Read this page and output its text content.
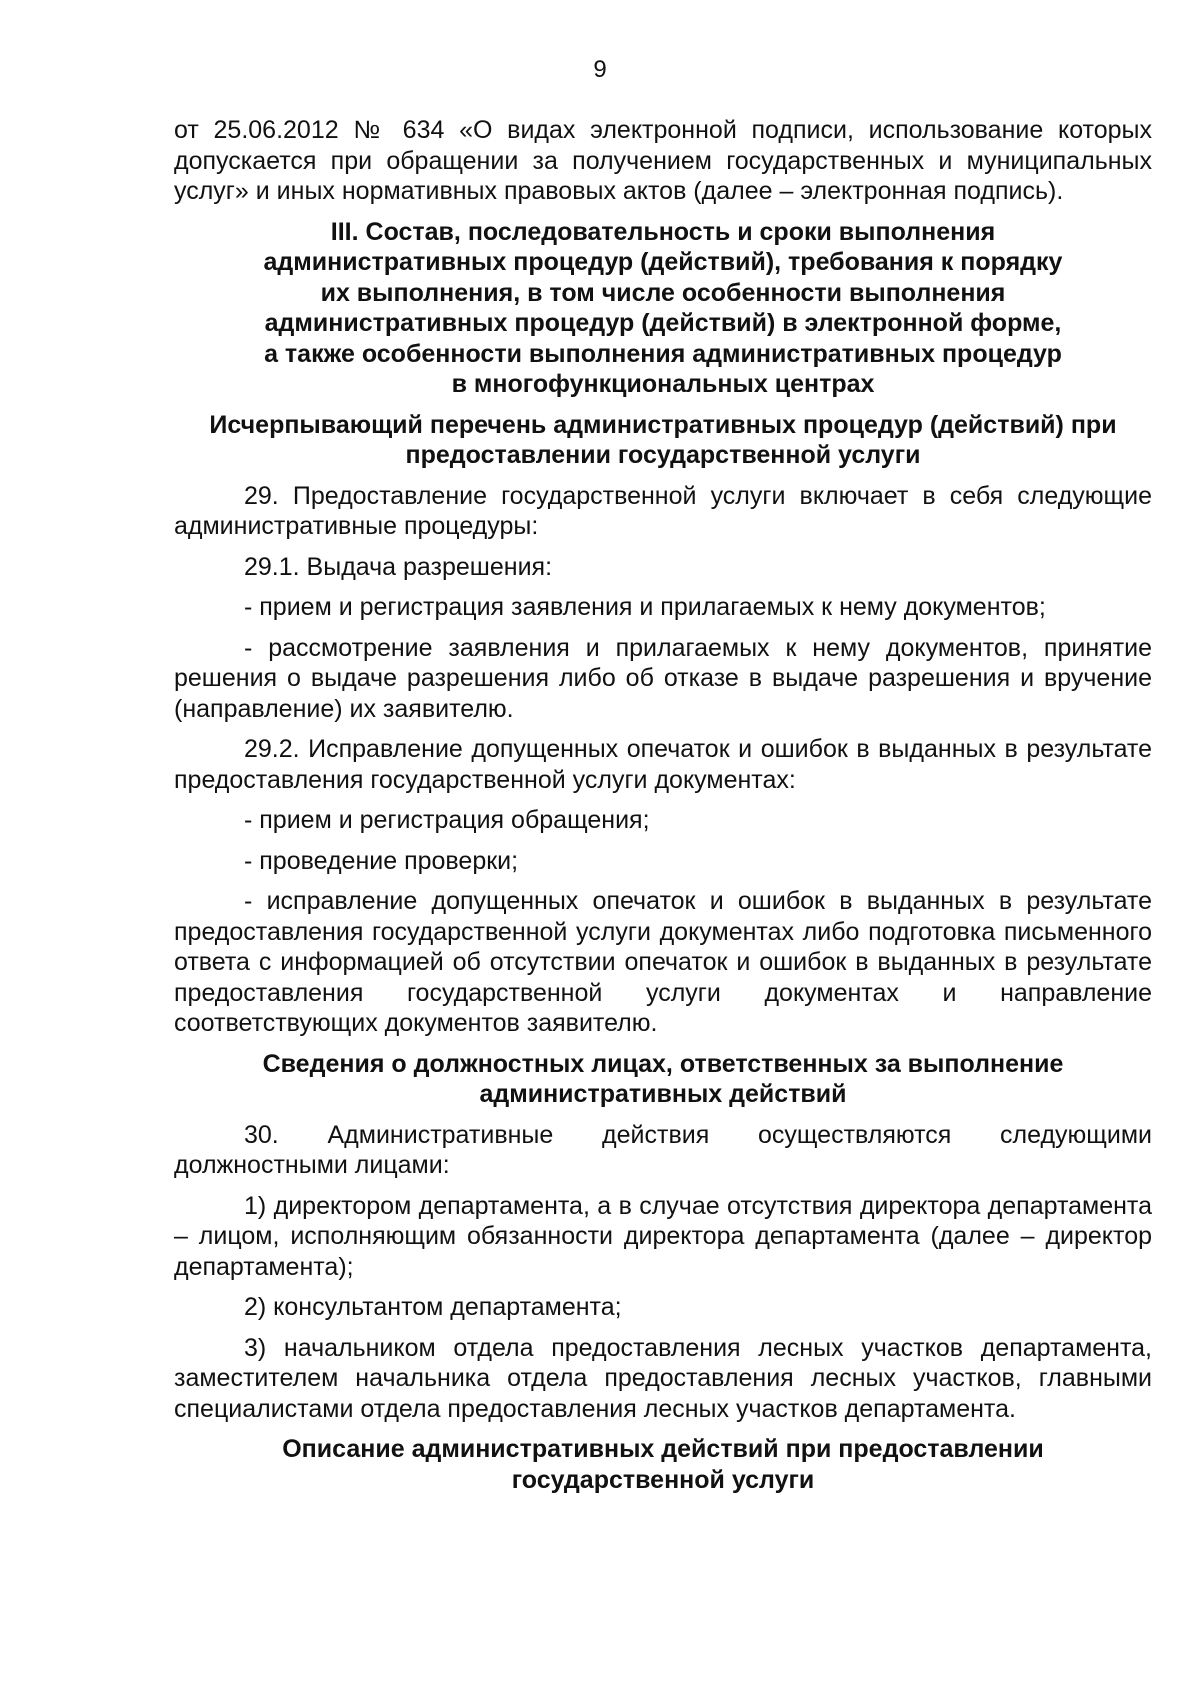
9

от 25.06.2012 № 634 «О видах электронной подписи, использование которых допускается при обращении за получением государственных и муниципальных услуг» и иных нормативных правовых актов (далее – электронная подпись).

III. Состав, последовательность и сроки выполнения
административных процедур (действий), требования к порядку
их выполнения, в том числе особенности выполнения
административных процедур (действий) в электронной форме,
а также особенности выполнения административных процедур
в многофункциональных центрах
Исчерпывающий перечень административных процедур (действий) при
предоставлении государственной услуги

29. Предоставление государственной услуги включает в себя следующие административные процедуры:

29.1. Выдача разрешения:

- прием и регистрация заявления и прилагаемых к нему документов;

- рассмотрение заявления и прилагаемых к нему документов, принятие решения о выдаче разрешения либо об отказе в выдаче разрешения и вручение (направление) их заявителю.

29.2. Исправление допущенных опечаток и ошибок в выданных в результате предоставления государственной услуги документах:

- прием и регистрация обращения;

- проведение проверки;

- исправление допущенных опечаток и ошибок в выданных в результате предоставления государственной услуги документах либо подготовка письменного ответа с информацией об отсутствии опечаток и ошибок в выданных в результате предоставления государственной услуги документах и направление соответствующих документов заявителю.

Сведения о должностных лицах, ответственных за выполнение
административных действий

30. Административные действия осуществляются следующими должностными лицами:

1) директором департамента, а в случае отсутствия директора департамента – лицом, исполняющим обязанности директора департамента (далее – директор департамента);

2) консультантом департамента;

3) начальником отдела предоставления лесных участков департамента, заместителем начальника отдела предоставления лесных участков, главными специалистами отдела предоставления лесных участков департамента.

Описание административных действий при предоставлении
государственной услуги
